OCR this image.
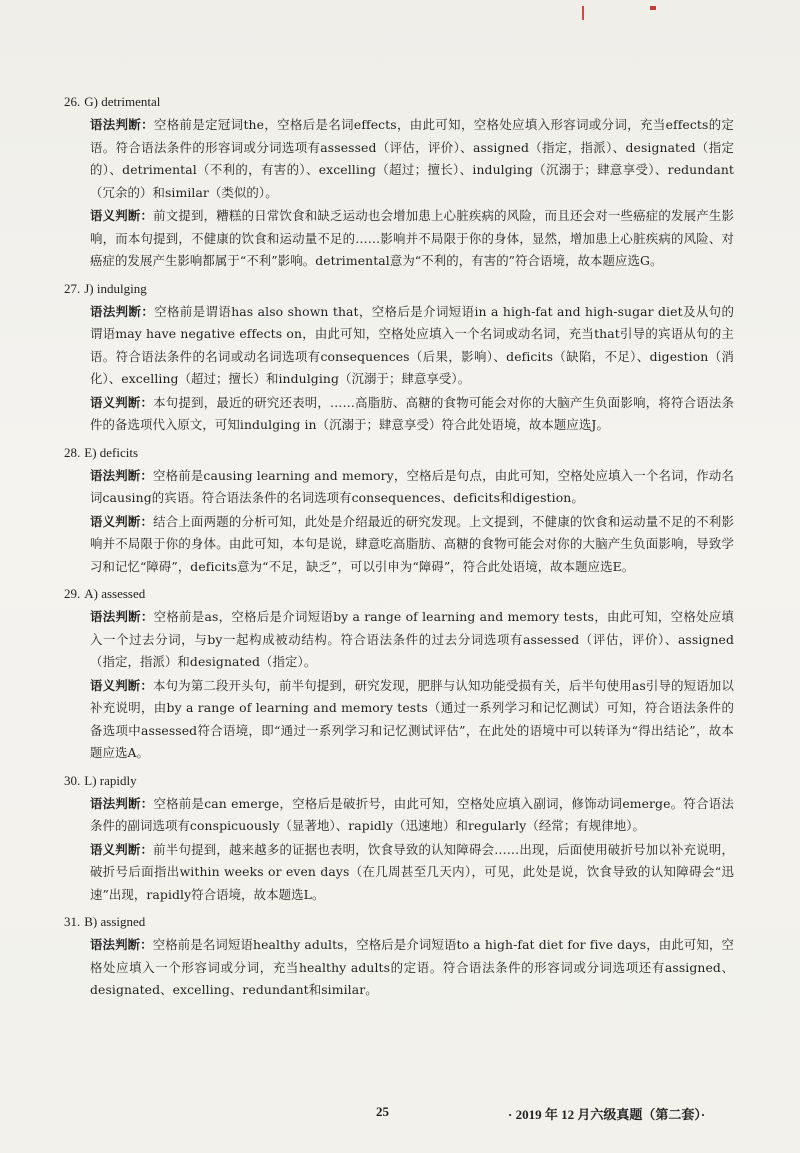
26. G) detrimental

语法判断：空格前是定冠词the，空格后是名词effects，由此可知，空格处应填入形容词或分词，充当effects的定语。符合语法条件的形容词或分词选项有assessed（评估，评价）、assigned（指定，指派）、designated（指定的）、detrimental（不利的，有害的）、excelling（超过；擅长）、indulging（沉溺于；肆意享受）、redundant（冗余的）和similar（类似的）。

语义判断：前文提到，糟糕的日常饮食和缺乏运动也会增加患上心脏疾病的风险，而且还会对一些癌症的发展产生影响，而本句提到，不健康的饮食和运动量不足的……影响并不局限于你的身体，显然，增加患上心脏疾病的风险、对癌症的发展产生影响都属于“不利”影响。detrimental意为“不利的，有害的”符合语境，故本题应选G。

27. J) indulging

语法判断：空格前是谓语has also shown that，空格后是介词短语in a high-fat and high-sugar diet及从句的谓语may have negative effects on，由此可知，空格处应填入一个名词或动名词，充当that引导的宾语从句的主语。符合语法条件的名词或动名词选项有consequences（后果，影响）、deficits（缺陷，不足）、digestion（消化）、excelling（超过；擅长）和indulging（沉溺于；肆意享受）。

语义判断：本句提到，最近的研究还表明，……高脂肪、高糖的食物可能会对你的大脑产生负面影响，将符合语法条件的备选项代入原文，可知indulging in（沉溺于；肆意享受）符合此处语境，故本题应选J。

28. E) deficits

语法判断：空格前是causing learning and memory，空格后是句点，由此可知，空格处应填入一个名词，作动名词causing的宾语。符合语法条件的名词选项有consequences、deficits和digestion。

语义判断：结合上面两题的分析可知，此处是介绍最近的研究发现。上文提到，不健康的饮食和运动量不足的不利影响并不局限于你的身体。由此可知，本句是说，肆意吃高脂肪、高糖的食物可能会对你的大脑产生负面影响，导致学习和记忆“障碍”，deficits意为“不足，缺乏”，可以引申为“障碍”，符合此处语境，故本题应选E。

29. A) assessed

语法判断：空格前是as，空格后是介词短语by a range of learning and memory tests，由此可知，空格处应填入一个过去分词，与by一起构成被动结构。符合语法条件的过去分词选项有assessed（评估，评价）、assigned（指定，指派）和designated（指定）。

语义判断：本句为第二段开头句，前半句提到，研究发现，肥胖与认知功能受损有关，后半句使用as引导的短语加以补充说明，由by a range of learning and memory tests（通过一系列学习和记忆测试）可知，符合语法条件的备选项中assessed符合语境，即“通过一系列学习和记忆测试评估”，在此处的语境中可以转译为“得出结论”，故本题应选A。

30. L) rapidly

语法判断：空格前是can emerge，空格后是破折号，由此可知，空格处应填入副词，修饰动词emerge。符合语法条件的副词选项有conspicuously（显著地）、rapidly（迅速地）和regularly（经常；有规律地）。

语义判断：前半句提到，越来越多的证据也表明，饮食导致的认知障碍会……出现，后面使用破折号加以补充说明，破折号后面指出within weeks or even days（在几周甚至几天内），可见，此处是说，饮食导致的认知障碍会“迅速”出现，rapidly符合语境，故本题选L。

31. B) assigned

语法判断：空格前是名词短语healthy adults，空格后是介词短语to a high-fat diet for five days，由此可知，空格处应填入一个形容词或分词，充当healthy adults的定语。符合语法条件的形容词或分词选项还有assigned、designated、excelling、redundant和similar。

25	· 2019 年 12 月六级真题（第二套）·
